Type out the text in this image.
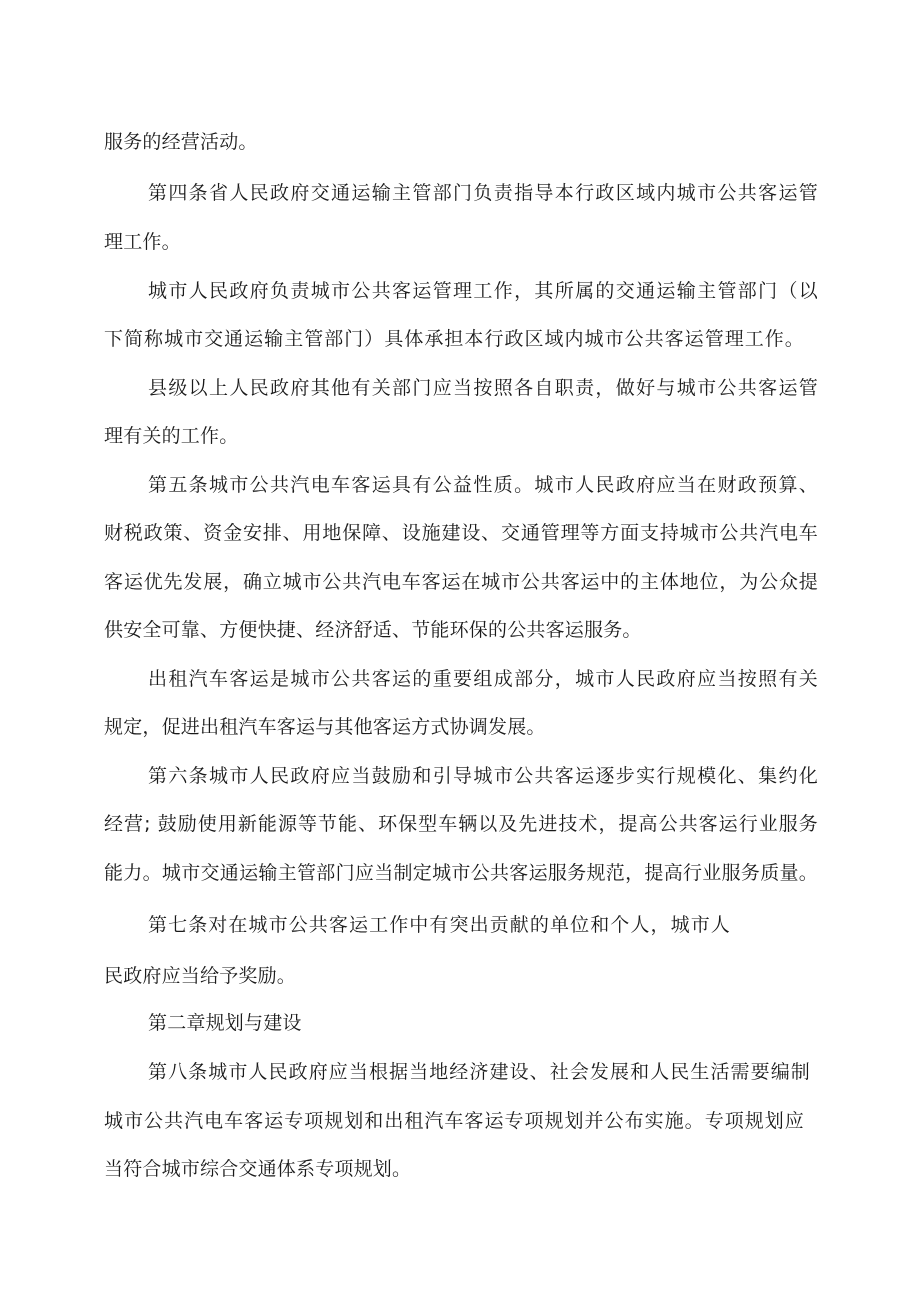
服务的经营活动。

第四条省人民政府交通运输主管部门负责指导本行政区域内城市公共客运管

理工作。

城市人民政府负责城市公共客运管理工作，其所属的交通运输主管部门（以

下简称城市交通运输主管部门）具体承担本行政区域内城市公共客运管理工作。

县级以上人民政府其他有关部门应当按照各自职责，做好与城市公共客运管

理有关的工作。

第五条城市公共汽电车客运具有公益性质。城市人民政府应当在财政预算、

财税政策、资金安排、用地保障、设施建设、交通管理等方面支持城市公共汽电车

客运优先发展，确立城市公共汽电车客运在城市公共客运中的主体地位，为公众提

供安全可靠、方便快捷、经济舒适、节能环保的公共客运服务。

出租汽车客运是城市公共客运的重要组成部分，城市人民政府应当按照有关

规定，促进出租汽车客运与其他客运方式协调发展。

第六条城市人民政府应当鼓励和引导城市公共客运逐步实行规模化、集约化

经营; 鼓励使用新能源等节能、环保型车辆以及先进技术，提高公共客运行业服务

能力。城市交通运输主管部门应当制定城市公共客运服务规范，提高行业服务质量。

第七条对在城市公共客运工作中有突出贡献的单位和个人，城市人

民政府应当给予奖励。

第二章规划与建设

第八条城市人民政府应当根据当地经济建设、社会发展和人民生活需要编制

城市公共汽电车客运专项规划和出租汽车客运专项规划并公布实施。专项规划应

当符合城市综合交通体系专项规划。
